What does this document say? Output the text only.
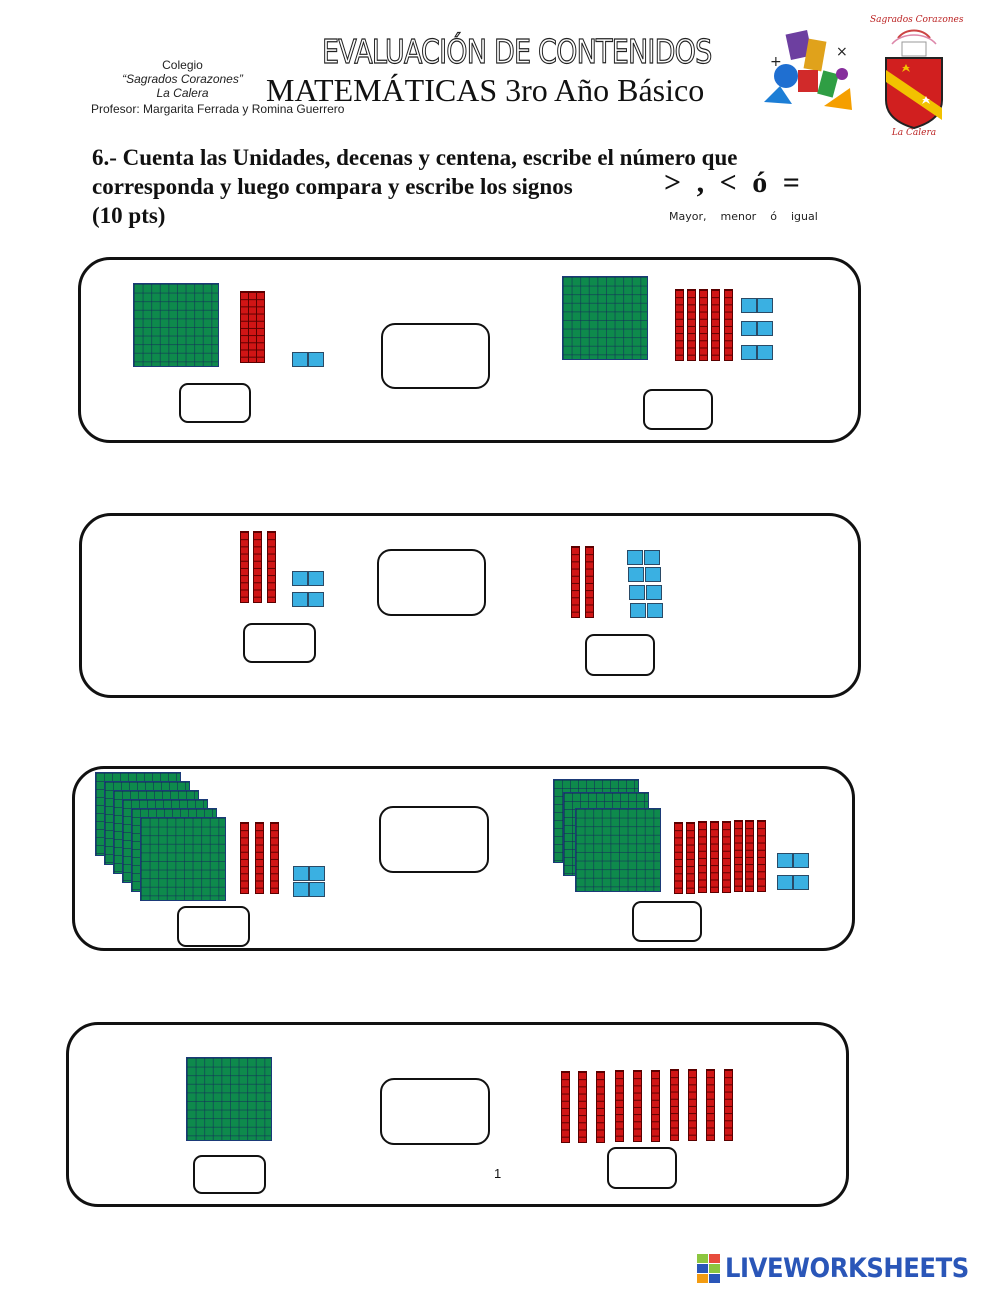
Colegio
“Sagrados Corazones”
La Calera
Profesor: Margarita Ferrada y Romina Guerrero
EVALUACIÓN DE CONTENIDOS
MATEMÁTICAS 3ro Año Básico
+
×
Sagrados Corazones
La Calera
6.- Cuenta las Unidades, decenas y centena, escribe el número que
corresponda y luego compara y escribe los signos
(10 pts)
> , < ó =
Mayor, menor ó igual
1
LIVEWORKSHEETS
